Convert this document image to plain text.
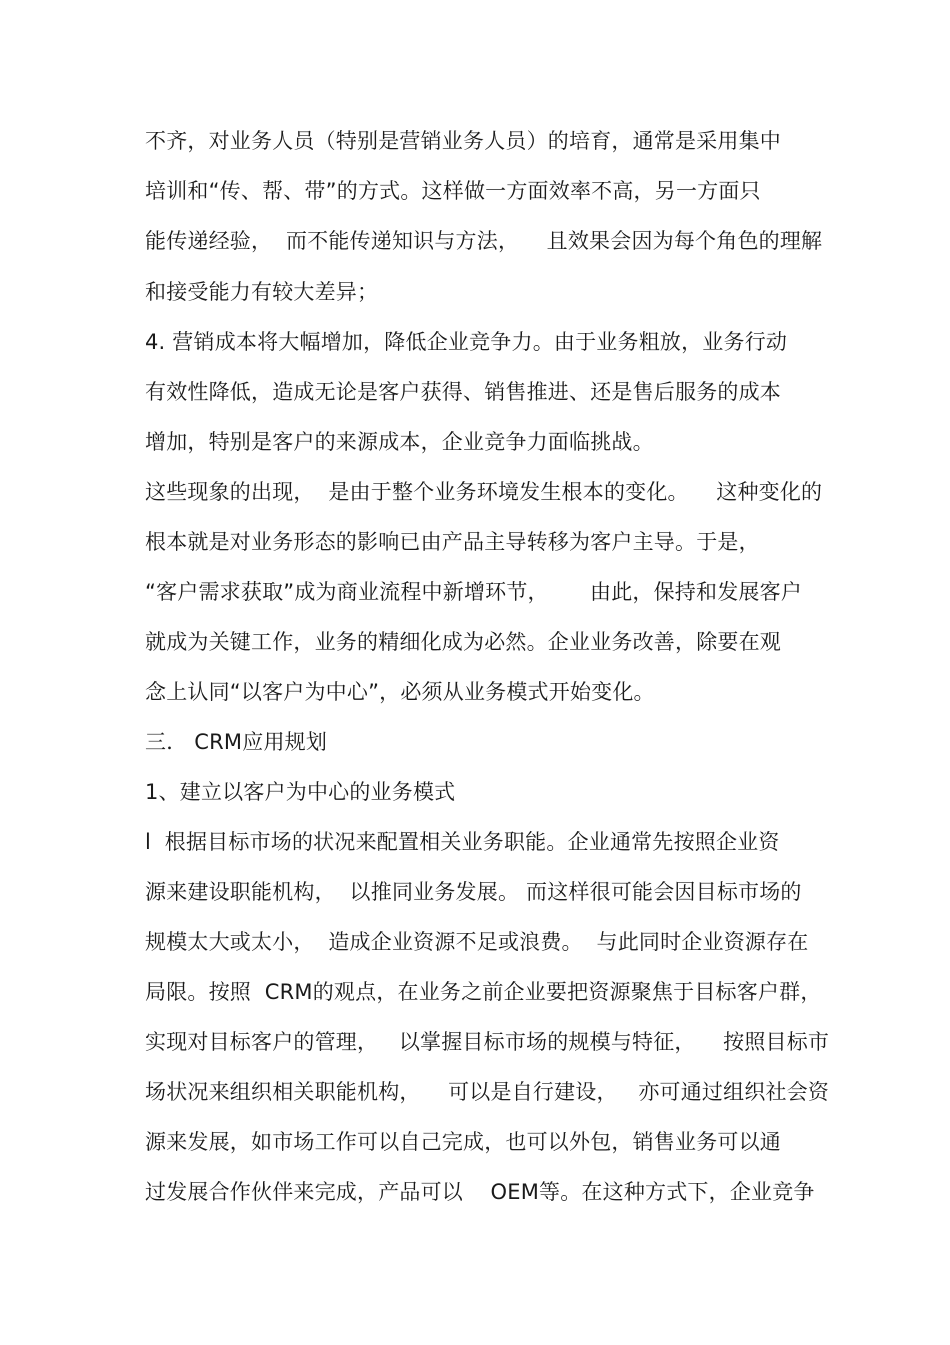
不齐，对业务人员（特别是营销业务人员）的培育，通常是采用集中
培训和“传、帮、带”的方式。这样做一方面效率不高，另一方面只
能传递经验，  而不能传递知识与方法，    且效果会因为每个角色的理解
和接受能力有较大差异；
4. 营销成本将大幅增加，降低企业竞争力。由于业务粗放，业务行动
有效性降低，造成无论是客户获得、销售推进、还是售后服务的成本
增加，特别是客户的来源成本，企业竞争力面临挑战。
这些现象的出现，  是由于整个业务环境发生根本的变化。    这种变化的
根本就是对业务形态的影响已由产品主导转移为客户主导。于是，
“客户需求获取”成为商业流程中新增环节，      由此，保持和发展客户
就成为关键工作，业务的精细化成为必然。企业业务改善，除要在观
念上认同“以客户为中心”，必须从业务模式开始变化。
三． CRM应用规划
1、建立以客户为中心的业务模式
l  根据目标市场的状况来配置相关业务职能。企业通常先按照企业资
源来建设职能机构，  以推同业务发展。 而这样很可能会因目标市场的
规模太大或太小，  造成企业资源不足或浪费。  与此同时企业资源存在
局限。按照  CRM的观点，在业务之前企业要把资源聚焦于目标客户群，
实现对目标客户的管理，   以掌握目标市场的规模与特征，    按照目标市
场状况来组织相关职能机构，    可以是自行建设，   亦可通过组织社会资
源来发展，如市场工作可以自己完成，也可以外包，销售业务可以通
过发展合作伙伴来完成，产品可以    OEM等。在这种方式下，企业竞争
